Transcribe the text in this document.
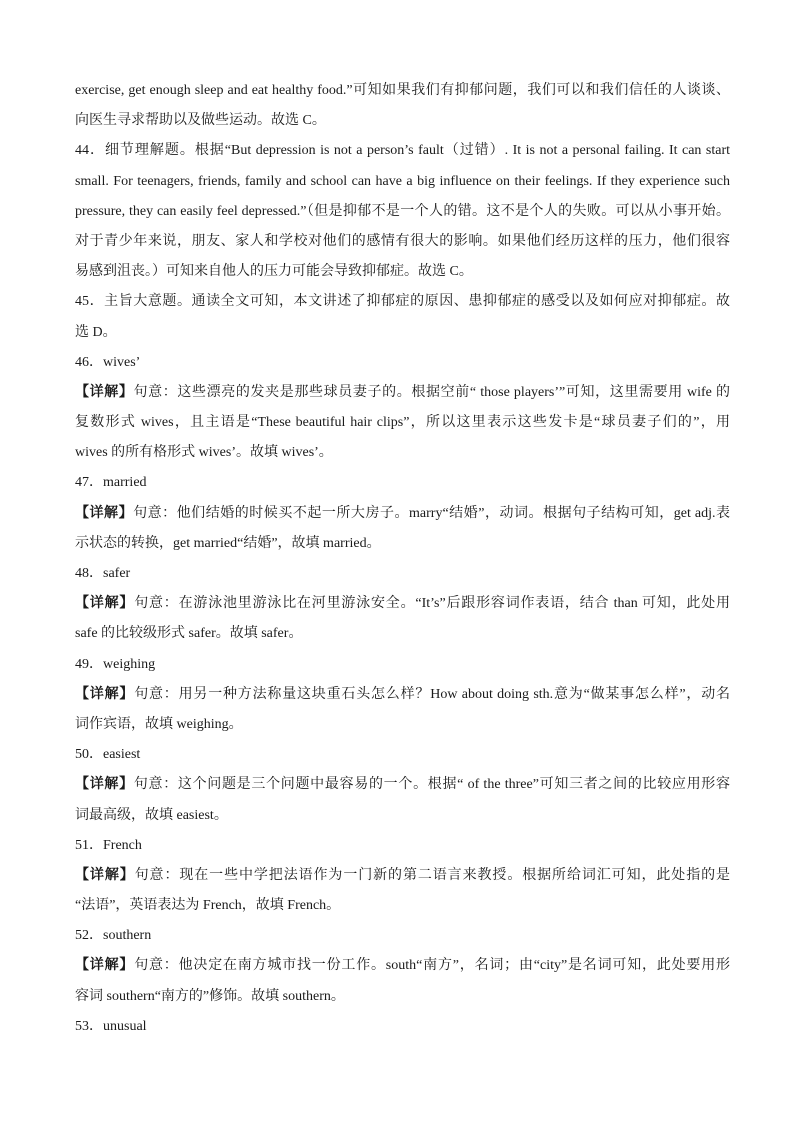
exercise, get enough sleep and eat healthy food.”可知如果我们有抑郁问题，我们可以和我们信任的人谈谈、
向医生寻求帮助以及做些运动。故选 C。
44．细节理解题。根据“But depression is not a person’s fault（过错）. It is not a personal failing. It can start
small. For teenagers, friends, family and school can have a big influence on their feelings. If they experience such
pressure, they can easily feel depressed.”（但是抑郁不是一个人的错。这不是个人的失败。可以从小事开始。
对于青少年来说，朋友、家人和学校对他们的感情有很大的影响。如果他们经历这样的压力，他们很容
易感到沮丧。）可知来自他人的压力可能会导致抑郁症。故选 C。
45．主旨大意题。通读全文可知，本文讲述了抑郁症的原因、患抑郁症的感受以及如何应对抑郁症。故
选 D。
46．wives’
【详解】句意：这些漂亮的发夹是那些球员妻子的。根据空前“ those players’”可知，这里需要用 wife 的
复数形式 wives，且主语是“These beautiful hair clips”，所以这里表示这些发卡是“球员妻子们的”，用
wives 的所有格形式 wives’。故填 wives’。
47．married
【详解】句意：他们结婚的时候买不起一所大房子。marry“结婚”，动词。根据句子结构可知，get adj.表
示状态的转换，get married“结婚”，故填 married。
48．safer
【详解】句意：在游泳池里游泳比在河里游泳安全。“It’s”后跟形容词作表语，结合 than 可知，此处用
safe 的比较级形式 safer。故填 safer。
49．weighing
【详解】句意：用另一种方法称量这块重石头怎么样？How about doing sth.意为“做某事怎么样”，动名
词作宾语，故填 weighing。
50．easiest
【详解】句意：这个问题是三个问题中最容易的一个。根据“ of the three”可知三者之间的比较应用形容
词最高级，故填 easiest。
51．French
【详解】句意：现在一些中学把法语作为一门新的第二语言来教授。根据所给词汇可知，此处指的是
“法语”，英语表达为 French，故填 French。
52．southern
【详解】句意：他决定在南方城市找一份工作。south“南方”，名词；由“city”是名词可知，此处要用形
容词 southern“南方的”修饰。故填 southern。
53．unusual
